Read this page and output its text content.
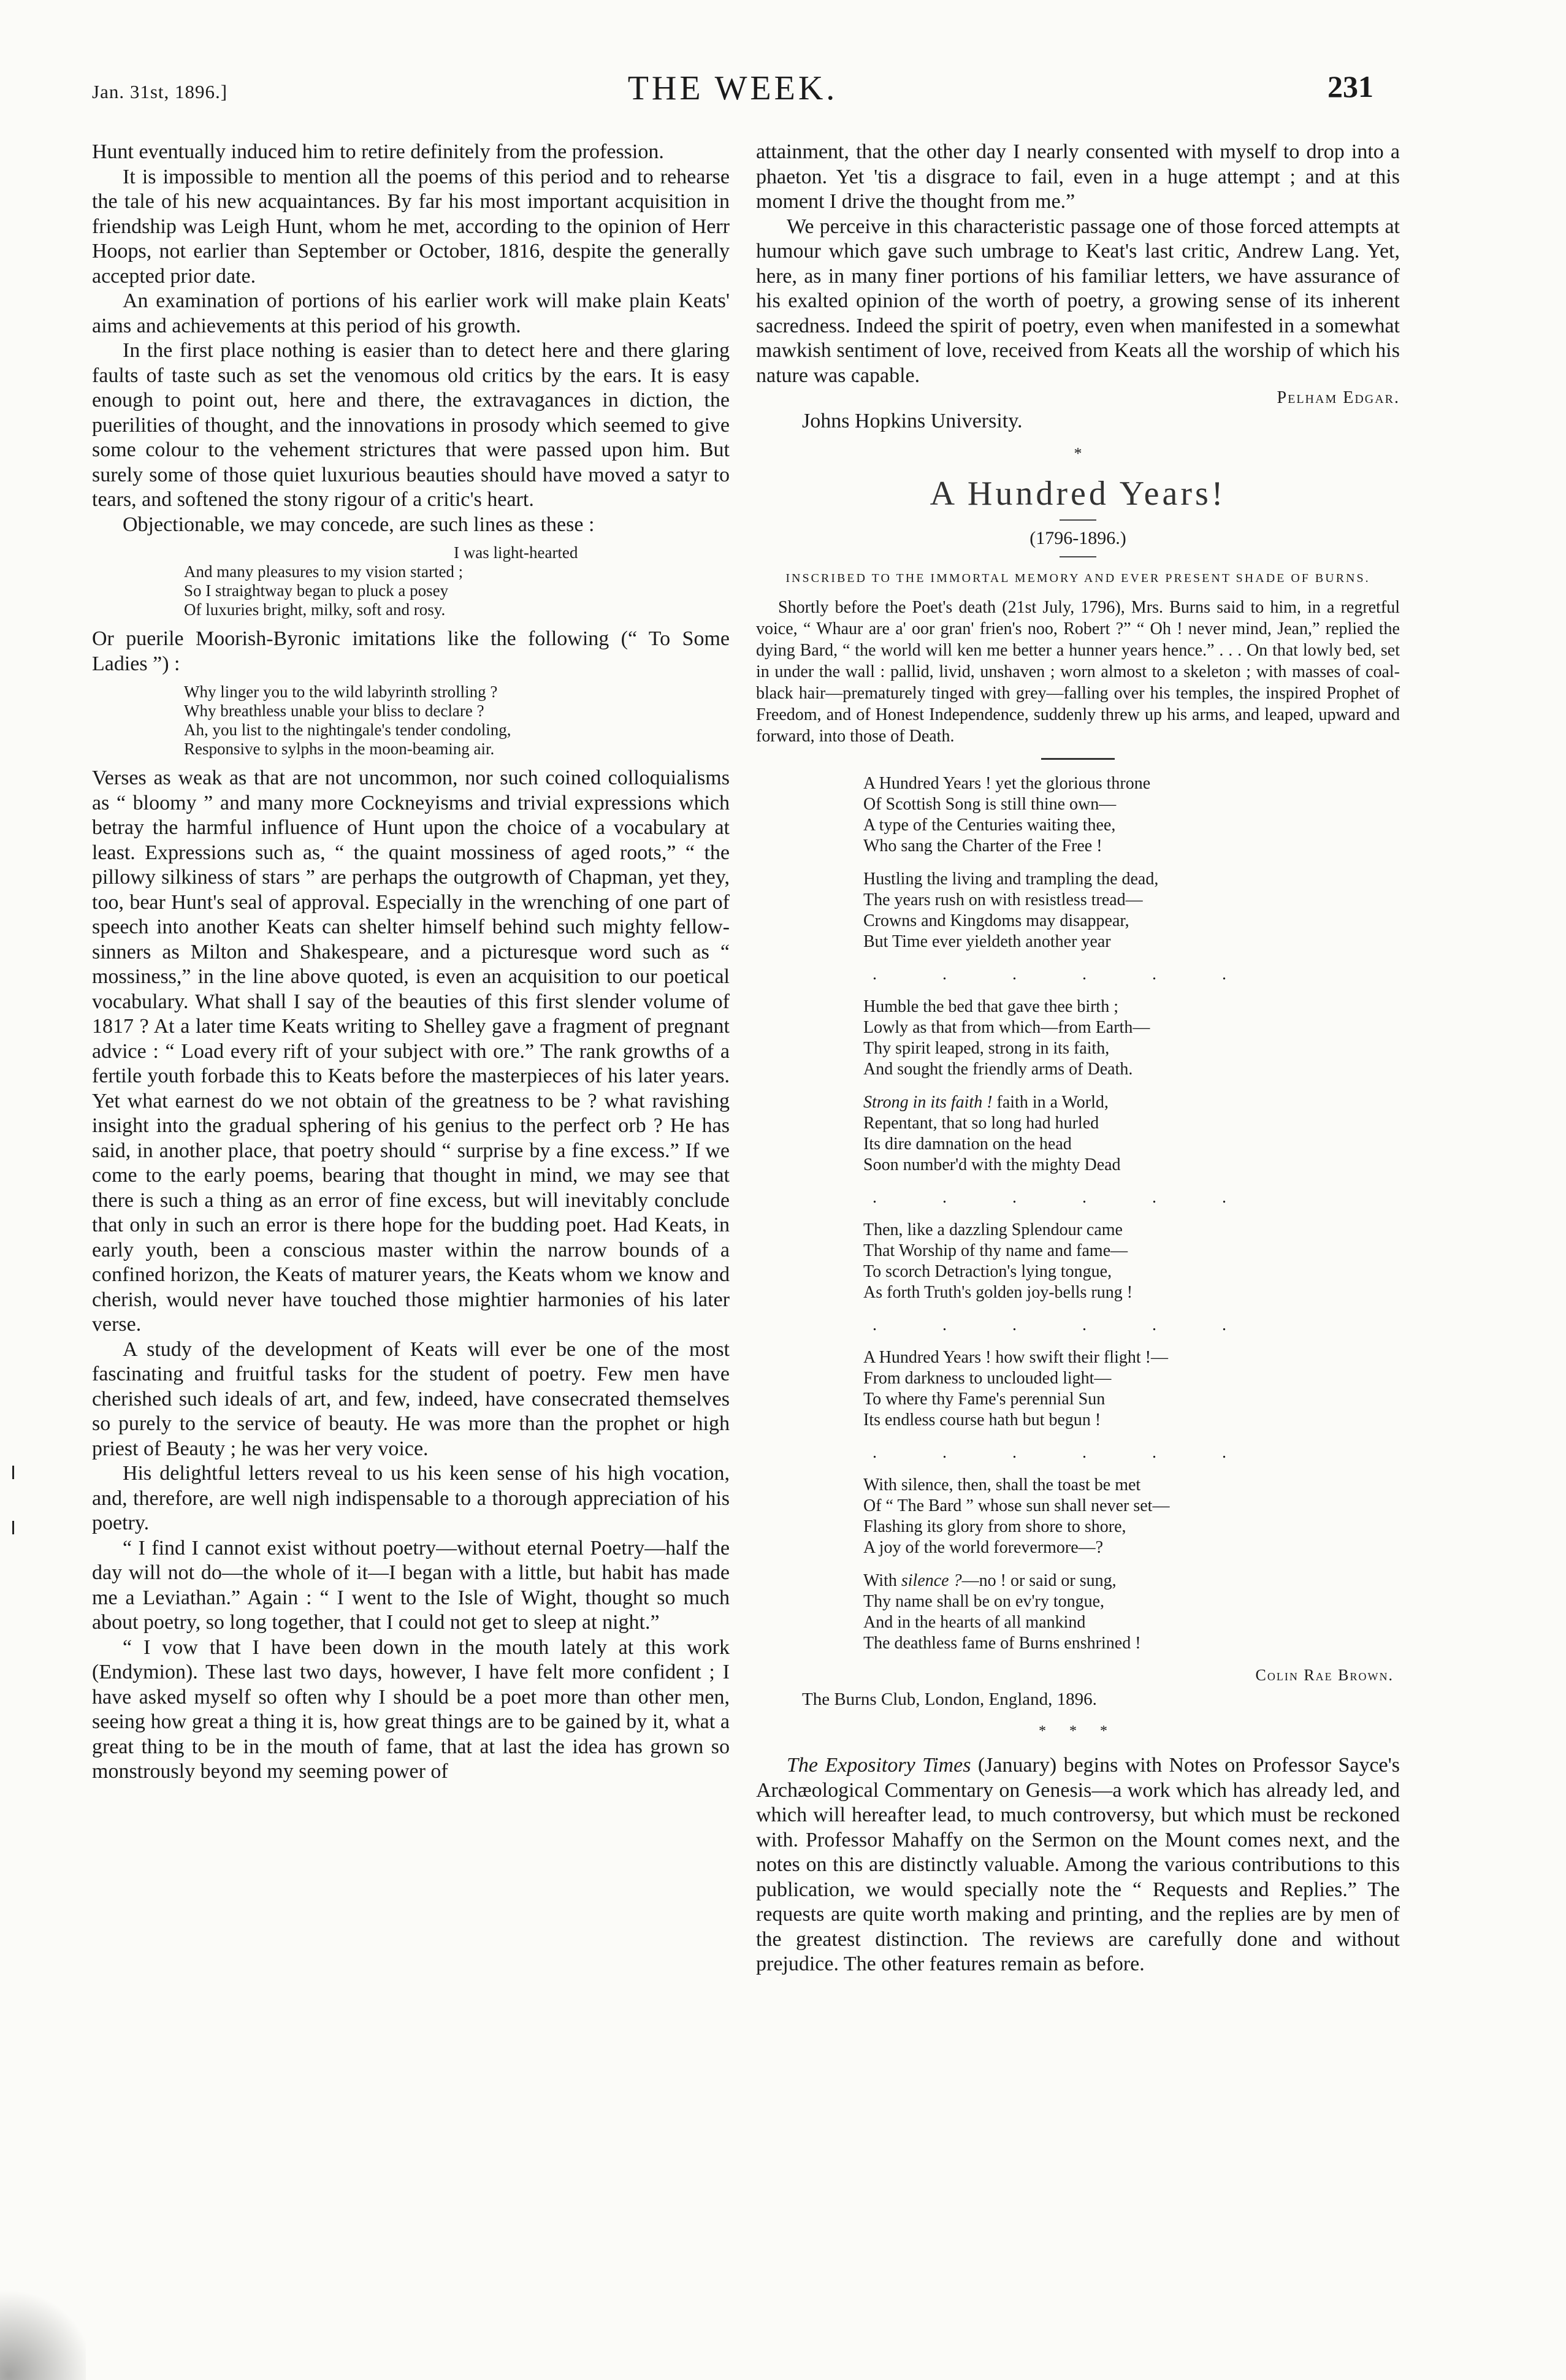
Jan. 31st, 1896.]	THE WEEK.	231

Hunt eventually induced him to retire definitely from the profession.

It is impossible to mention all the poems of this period and to rehearse the tale of his new acquaintances. By far his most important acquisition in friendship was Leigh Hunt, whom he met, according to the opinion of Herr Hoops, not earlier than September or October, 1816, despite the generally accepted prior date.

An examination of portions of his earlier work will make plain Keats' aims and achievements at this period of his growth.

In the first place nothing is easier than to detect here and there glaring faults of taste such as set the venomous old critics by the ears. It is easy enough to point out, here and there, the extravagances in diction, the puerilities of thought, and the innovations in prosody which seemed to give some colour to the vehement strictures that were passed upon him. But surely some of those quiet luxurious beauties should have moved a satyr to tears, and softened the stony rigour of a critic's heart.

Objectionable, we may concede, are such lines as these :

I was light-hearted
And many pleasures to my vision started ;
So I straightway began to pluck a posey
Of luxuries bright, milky, soft and rosy.

Or puerile Moorish-Byronic imitations like the following (“ To Some Ladies ”) :

Why linger you to the wild labyrinth strolling ?
Why breathless unable your bliss to declare ?
Ah, you list to the nightingale's tender condoling,
Responsive to sylphs in the moon-beaming air.

Verses as weak as that are not uncommon, nor such coined colloquialisms as “ bloomy ” and many more Cockneyisms and trivial expressions which betray the harmful influence of Hunt upon the choice of a vocabulary at least. Expressions such as, “ the quaint mossiness of aged roots,” “ the pillowy silkiness of stars ” are perhaps the outgrowth of Chapman, yet they, too, bear Hunt's seal of approval. Especially in the wrenching of one part of speech into another Keats can shelter himself behind such mighty fellow-sinners as Milton and Shakespeare, and a picturesque word such as “ mossiness,” in the line above quoted, is even an acquisition to our poetical vocabulary. What shall I say of the beauties of this first slender volume of 1817 ? At a later time Keats writing to Shelley gave a fragment of pregnant advice : “ Load every rift of your subject with ore.” The rank growths of a fertile youth forbade this to Keats before the masterpieces of his later years. Yet what earnest do we not obtain of the greatness to be ? what ravishing insight into the gradual sphering of his genius to the perfect orb ? He has said, in another place, that poetry should “ surprise by a fine excess.” If we come to the early poems, bearing that thought in mind, we may see that there is such a thing as an error of fine excess, but will inevitably conclude that only in such an error is there hope for the budding poet. Had Keats, in early youth, been a conscious master within the narrow bounds of a confined horizon, the Keats of maturer years, the Keats whom we know and cherish, would never have touched those mightier harmonies of his later verse.

A study of the development of Keats will ever be one of the most fascinating and fruitful tasks for the student of poetry. Few men have cherished such ideals of art, and few, indeed, have consecrated themselves so purely to the service of beauty. He was more than the prophet or high priest of Beauty ; he was her very voice.

His delightful letters reveal to us his keen sense of his high vocation, and, therefore, are well nigh indispensable to a thorough appreciation of his poetry.

“ I find I cannot exist without poetry—without eternal Poetry—half the day will not do—the whole of it—I began with a little, but habit has made me a Leviathan.” Again : “ I went to the Isle of Wight, thought so much about poetry, so long together, that I could not get to sleep at night.”

“ I vow that I have been down in the mouth lately at this work (Endymion). These last two days, however, I have felt more confident ; I have asked myself so often why I should be a poet more than other men, seeing how great a thing it is, how great things are to be gained by it, what a great thing to be in the mouth of fame, that at last the idea has grown so monstrously beyond my seeming power of

attainment, that the other day I nearly consented with myself to drop into a phaeton. Yet 'tis a disgrace to fail, even in a huge attempt ; and at this moment I drive the thought from me.”

We perceive in this characteristic passage one of those forced attempts at humour which gave such umbrage to Keat's last critic, Andrew Lang. Yet, here, as in many finer portions of his familiar letters, we have assurance of his exalted opinion of the worth of poetry, a growing sense of its inherent sacredness. Indeed the spirit of poetry, even when manifested in a somewhat mawkish sentiment of love, received from Keats all the worship of which his nature was capable.

Pelham Edgar.
Johns Hopkins University.
*
A Hundred Years!
(1796-1896.)
INSCRIBED TO THE IMMORTAL MEMORY AND EVER PRESENT SHADE OF BURNS.

Shortly before the Poet's death (21st July, 1796), Mrs. Burns said to him, in a regretful voice, “ Whaur are a' oor gran' frien's noo, Robert ?” “ Oh ! never mind, Jean,” replied the dying Bard, “ the world will ken me better a hunner years hence.” . . . On that lowly bed, set in under the wall : pallid, livid, unshaven ; worn almost to a skeleton ; with masses of coal-black hair—prematurely tinged with grey—falling over his temples, the inspired Prophet of Freedom, and of Honest Independence, suddenly threw up his arms, and leaped, upward and forward, into those of Death.

A Hundred Years ! yet the glorious throne
Of Scottish Song is still thine own—
A type of the Centuries waiting thee,
Who sang the Charter of the Free !
Hustling the living and trampling the dead,
The years rush on with resistless tread—
Crowns and Kingdoms may disappear,
But Time ever yieldeth another year
. . . . . .
Humble the bed that gave thee birth ;
Lowly as that from which—from Earth—
Thy spirit leaped, strong in its faith,
And sought the friendly arms of Death.
Strong in its faith ! faith in a World,
Repentant, that so long had hurled
Its dire damnation on the head
Soon number'd with the mighty Dead
. . . . . .
Then, like a dazzling Splendour came
That Worship of thy name and fame—
To scorch Detraction's lying tongue,
As forth Truth's golden joy-bells rung !
. . . . . .
A Hundred Years ! how swift their flight !—
From darkness to unclouded light—
To where thy Fame's perennial Sun
Its endless course hath but begun !
. . . . . .
With silence, then, shall the toast be met
Of “ The Bard ” whose sun shall never set—
Flashing its glory from shore to shore,
A joy of the world forevermore—?
With silence ?—no ! or said or sung,
Thy name shall be on ev'ry tongue,
And in the hearts of all mankind
The deathless fame of Burns enshrined !
Colin Rae Brown.
The Burns Club, London, England, 1896.
* * *

The Expository Times (January) begins with Notes on Professor Sayce's Archæological Commentary on Genesis—a work which has already led, and which will hereafter lead, to much controversy, but which must be reckoned with. Professor Mahaffy on the Sermon on the Mount comes next, and the notes on this are distinctly valuable. Among the various contributions to this publication, we would specially note the “ Requests and Replies.” The requests are quite worth making and printing, and the replies are by men of the greatest distinction. The reviews are carefully done and without prejudice. The other features remain as before.
